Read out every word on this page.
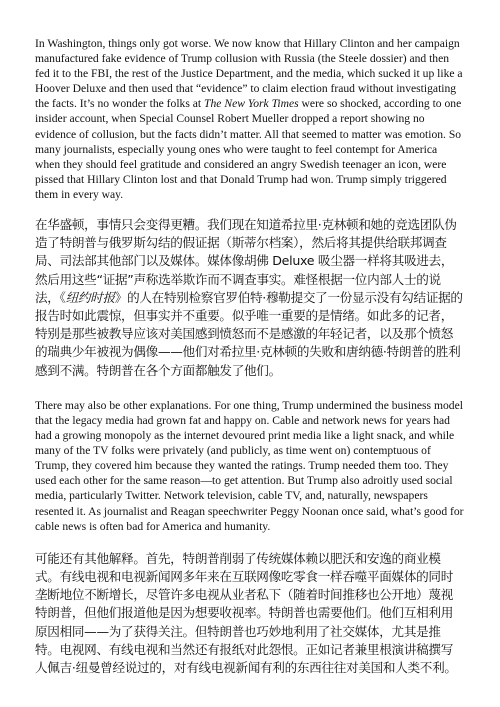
In Washington, things only got worse. We now know that Hillary Clinton and her campaign manufactured fake evidence of Trump collusion with Russia (the Steele dossier) and then fed it to the FBI, the rest of the Justice Department, and the media, which sucked it up like a Hoover Deluxe and then used that “evidence” to claim election fraud without investigating the facts. It’s no wonder the folks at The New York Times were so shocked, according to one insider account, when Special Counsel Robert Mueller dropped a report showing no evidence of collusion, but the facts didn’t matter. All that seemed to matter was emotion. So many journalists, especially young ones who were taught to feel contempt for America when they should feel gratitude and considered an angry Swedish teenager an icon, were pissed that Hillary Clinton lost and that Donald Trump had won. Trump simply triggered them in every way.

在华盛顿，事情只会变得更糟。我们现在知道希拉里·克林顿和她的竞选团队伪造了特朗普与俄罗斯勾结的假证据（斯蒂尔档案），然后将其提供给联邦调查局、司法部其他部门以及媒体。媒体像胡佛 Deluxe 吸尘器一样将其吸进去，然后用这些“证据”声称选举欺诈而不调查事实。难怪根据一位内部人士的说法，《纽约时报》的人在特别检察官罗伯特·穆勒提交了一份显示没有勾结证据的报告时如此震惊，但事实并不重要。似乎唯一重要的是情绪。如此多的记者，特别是那些被教导应该对美国感到愤怒而不是感激的年轻记者，以及那个愤怒的瑞典少年被视为偶像——他们对希拉里·克林顿的失败和唐纳德·特朗普的胜利感到不满。特朗普在各个方面都触发了他们。

There may also be other explanations. For one thing, Trump undermined the business model that the legacy media had grown fat and happy on. Cable and network news for years had had a growing monopoly as the internet devoured print media like a light snack, and while many of the TV folks were privately (and publicly, as time went on) contemptuous of Trump, they covered him because they wanted the ratings. Trump needed them too. They used each other for the same reason—to get attention. But Trump also adroitly used social media, particularly Twitter. Network television, cable TV, and, naturally, newspapers resented it. As journalist and Reagan speechwriter Peggy Noonan once said, what’s good for cable news is often bad for America and humanity.

可能还有其他解释。首先，特朗普削弱了传统媒体赖以肥沃和安逸的商业模式。有线电视和电视新闻网多年来在互联网像吃零食一样吞噬平面媒体的同时垄断地位不断增长，尽管许多电视从业者私下（随着时间推移也公开地）蔑视特朗普，但他们报道他是因为想要收视率。特朗普也需要他们。他们互相利用原因相同——为了获得关注。但特朗普也巧妙地利用了社交媒体，尤其是推特。电视网、有线电视和当然还有报纸对此怨恨。正如记者兼里根演讲稿撰写人佩吉·纽曼曾经说过的，对有线电视新闻有利的东西往往对美国和人类不利。
